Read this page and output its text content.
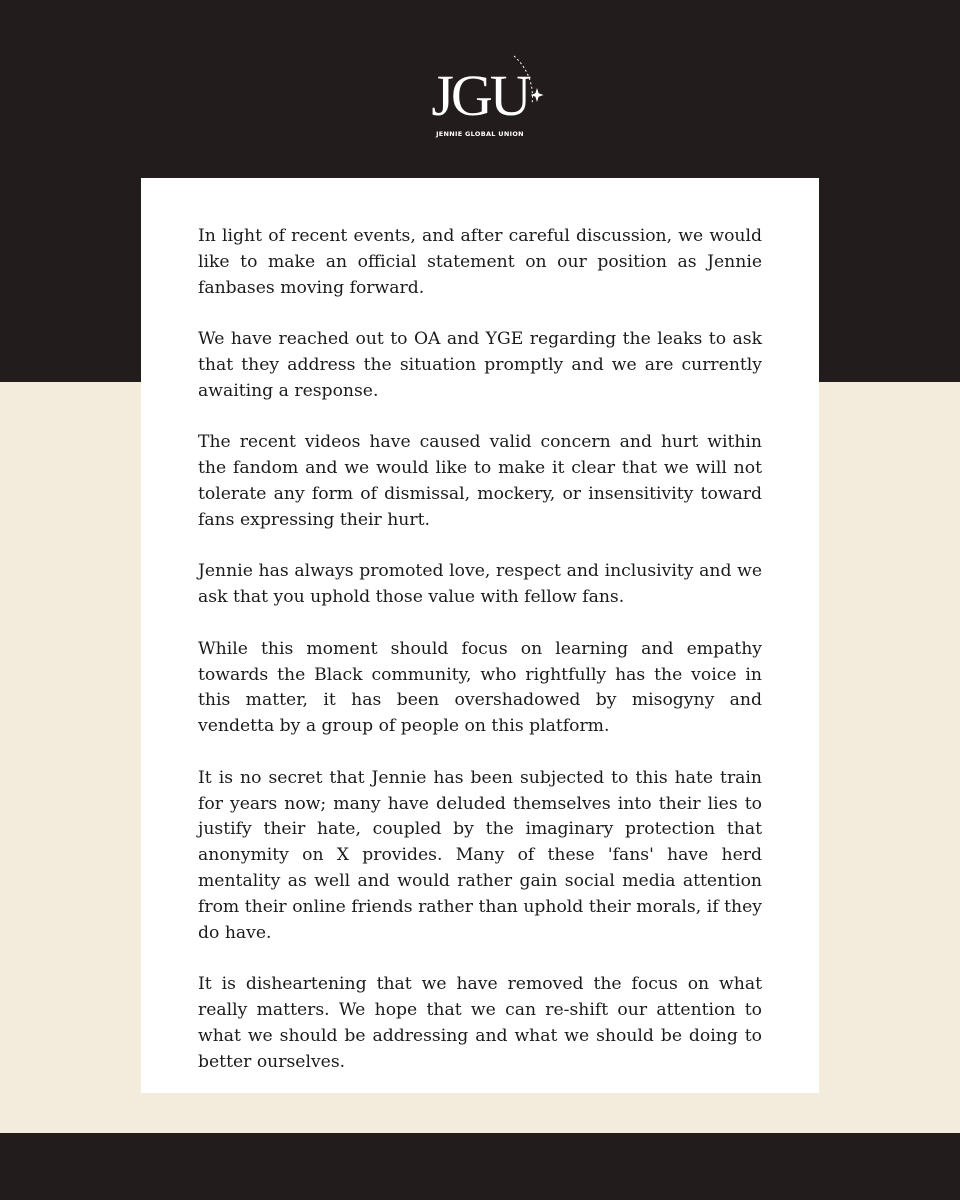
JGU
JENNIE GLOBAL UNION

In light of recent events, and after careful discussion, we would like to make an official statement on our position as Jennie fanbases moving forward.

We have reached out to OA and YGE regarding the leaks to ask that they address the situation promptly and we are currently awaiting a response.

The recent videos have caused valid concern and hurt within the fandom and we would like to make it clear that we will not tolerate any form of dismissal, mockery, or insensitivity toward fans expressing their hurt.

Jennie has always promoted love, respect and inclusivity and we ask that you uphold those value with fellow fans.

While this moment should focus on learning and empathy towards the Black community, who rightfully has the voice in this matter, it has been overshadowed by misogyny and vendetta by a group of people on this platform.

It is no secret that Jennie has been subjected to this hate train for years now; many have deluded themselves into their lies to justify their hate, coupled by the imaginary protection that anonymity on X provides. Many of these 'fans' have herd mentality as well and would rather gain social media attention from their online friends rather than uphold their morals, if they do have.

It is disheartening that we have removed the focus on what really matters. We hope that we can re-shift our attention to what we should be addressing and what we should be doing to better ourselves.
